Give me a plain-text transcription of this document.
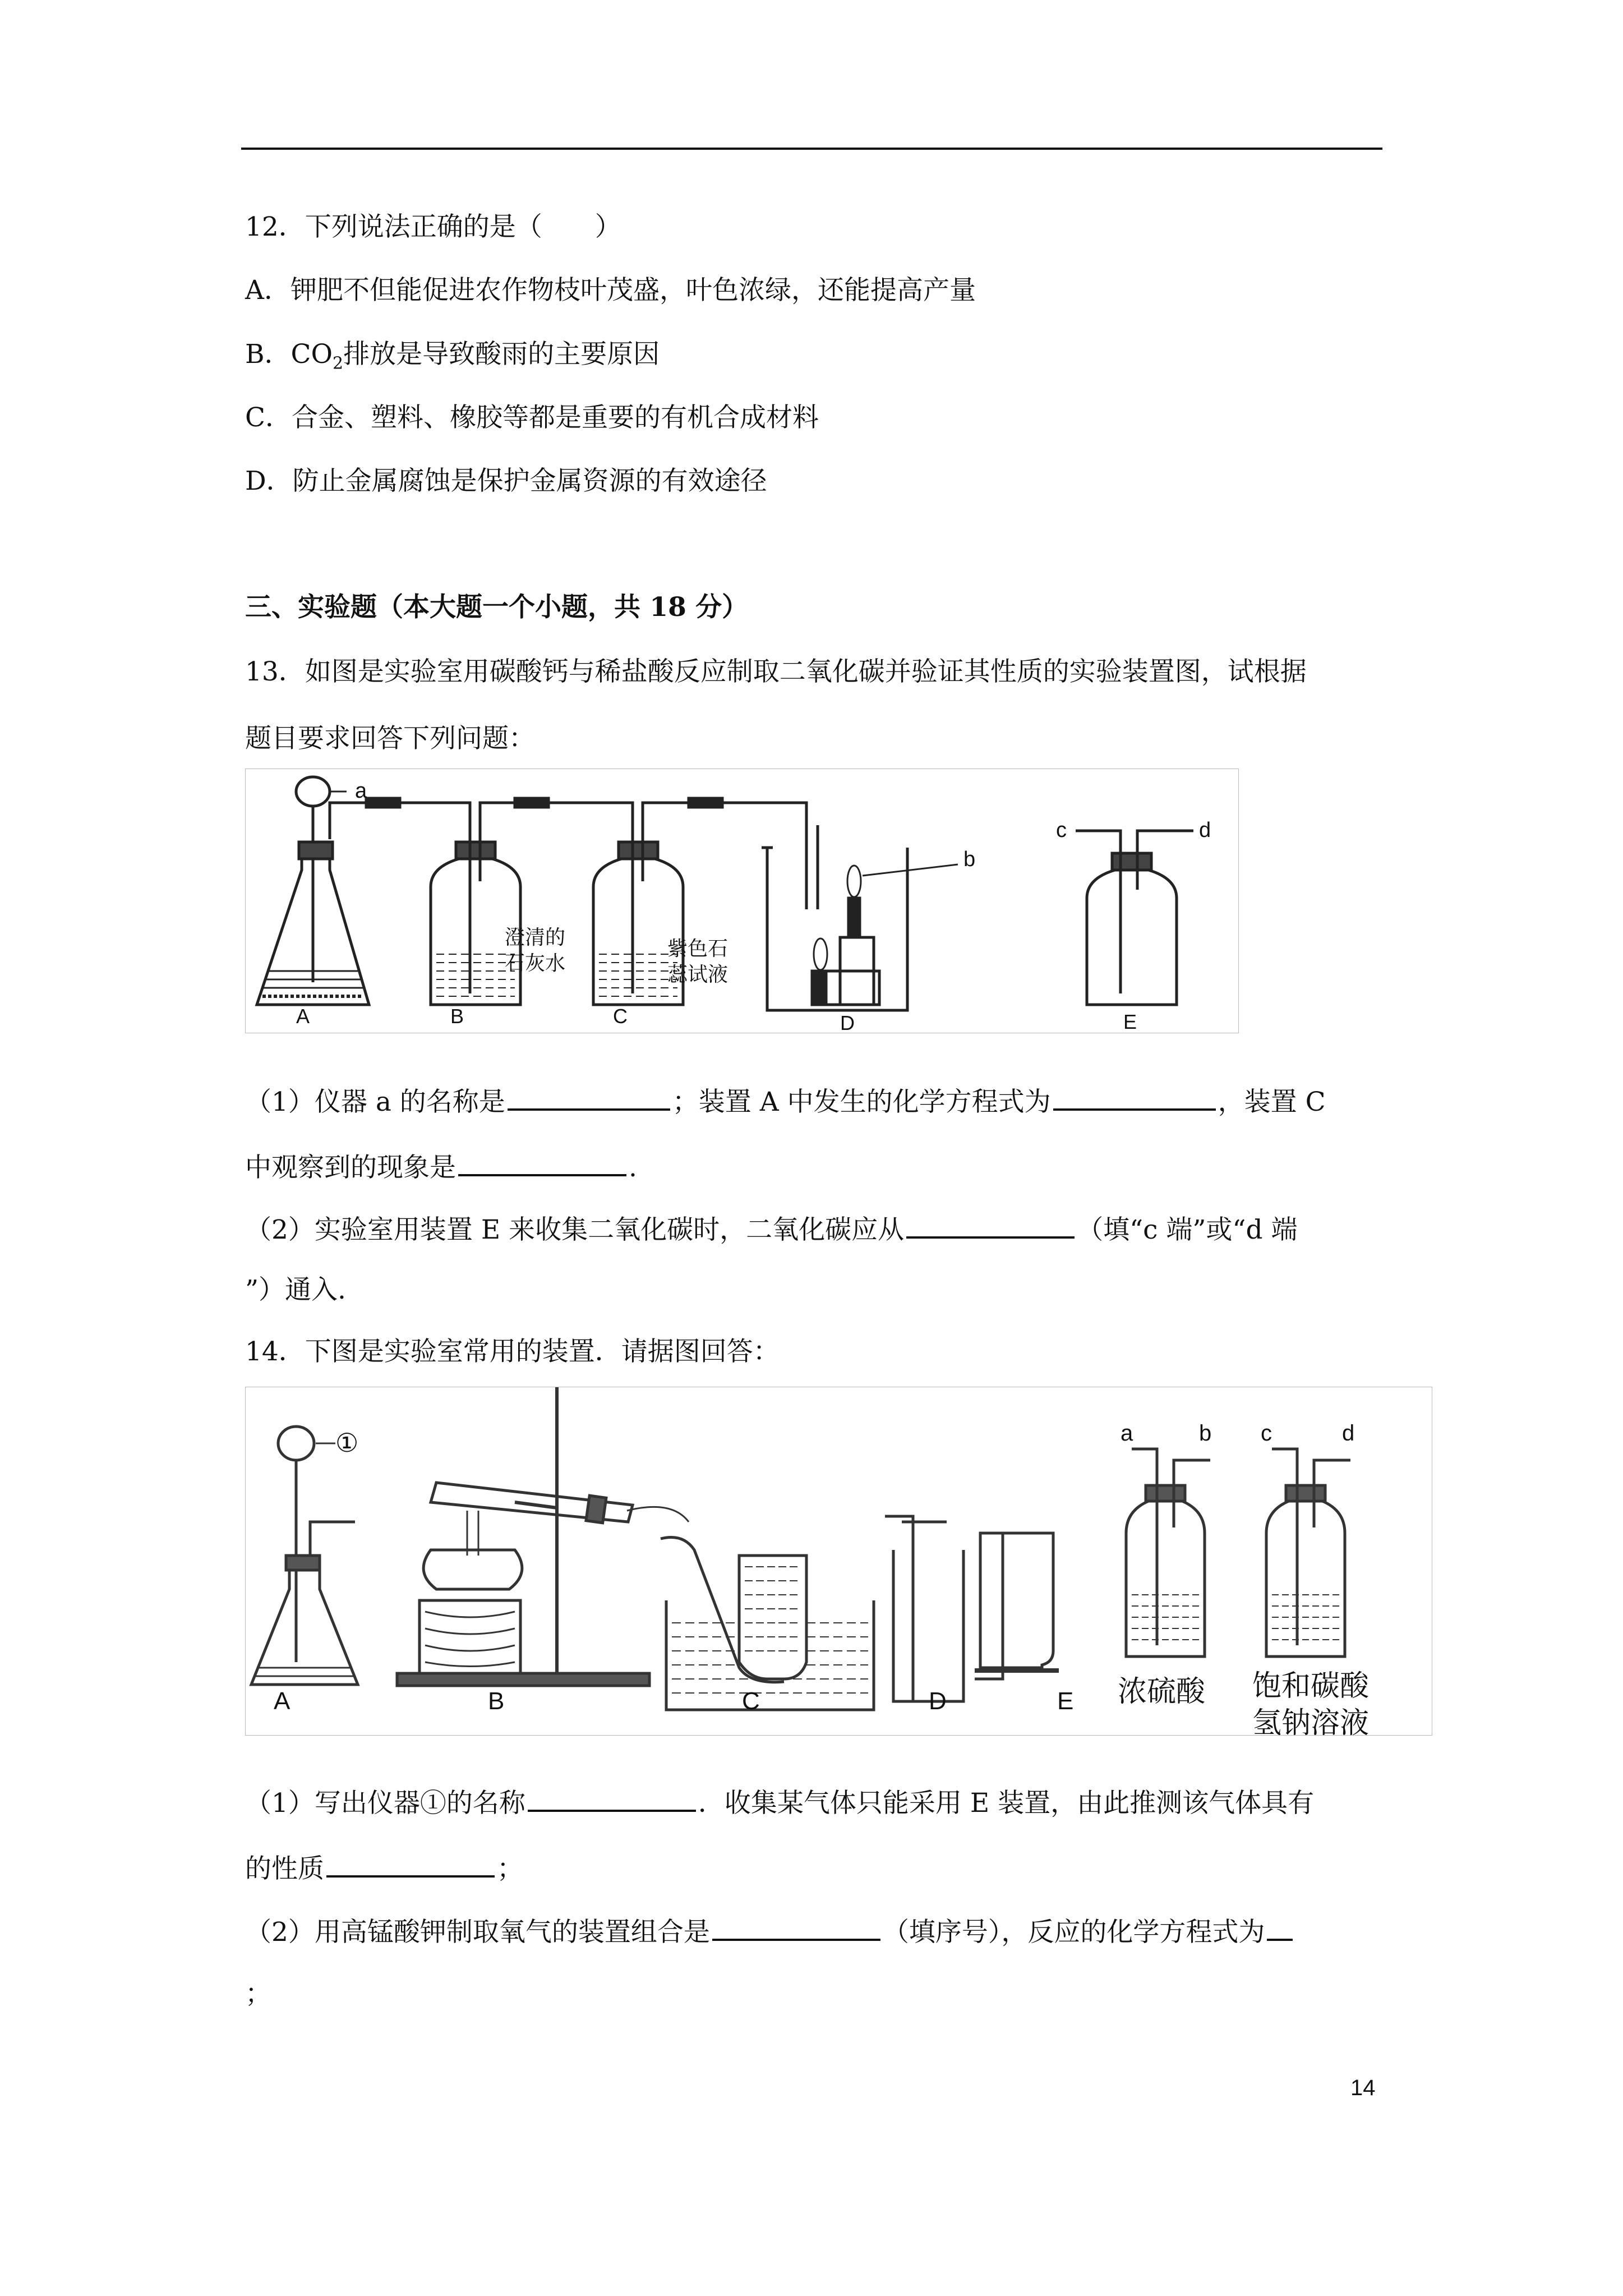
12．下列说法正确的是（　　）
A．钾肥不但能促进农作物枝叶茂盛，叶色浓绿，还能提高产量
B．$CO_2$排放是导致酸雨的主要原因
C．合金、塑料、橡胶等都是重要的有机合成材料
D．防止金属腐蚀是保护金属资源的有效途径
三、实验题（本大题一个小题，共 18 分）
13．如图是实验室用碳酸钙与稀盐酸反应制取二氧化碳并验证其性质的实验装置图，试根据
题目要求回答下列问题：
a
b
c	d
澄清的
石灰水
紫色石
蕊试液
A	B	C	D	E
（1）仪器 a 的名称是	；装置 A 中发生的化学方程式为	，装置 C
中观察到的现象是	.
（2）实验室用装置 E 来收集二氧化碳时，二氧化碳应从	（填“c 端”或“d 端
”）通入.
14．下图是实验室常用的装置．请据图回答：
①	a	b c	d
浓硫酸 饱和碳酸
氢钠溶液
A	B	C	D	E
（1）写出仪器①的名称	．收集某气体只能采用 E 装置，由此推测该气体具有
的性质	；
（2）用高锰酸钾制取氧气的装置组合是	（填序号），反应的化学方程式为
；
14
